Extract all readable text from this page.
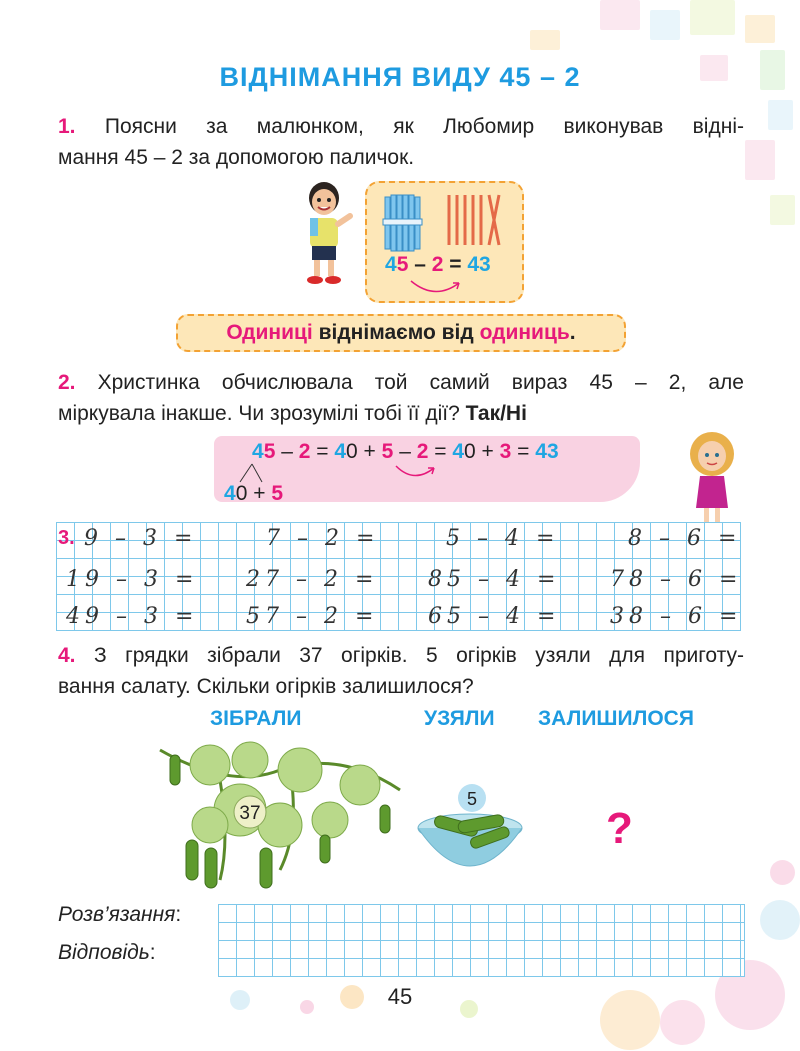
ВІДНІМАННЯ ВИДУ 45 – 2
1. Поясни за малюнком, як Любомир виконував відні-
мання 45 – 2 за допомогою паличок.
45 – 2 = 43
Одиниці віднімаємо від одиниць.
2. Христинка обчислювала той самий вираз 45 – 2, але
міркувала інакше. Чи зрозумілі тобі її дії? Так/Ні
45 – 2 = 40 + 5 – 2 = 40 + 3 = 43
40 + 5
3. 9 – 3 =	7 – 2 =	5 – 4 =	8 – 6 =
19 – 3 = 27 – 2 = 85 – 4 = 78 – 6 =
49 – 3 = 57 – 2 = 65 – 4 = 38 – 6 =
4. З грядки зібрали 37 огірків. 5 огірків узяли для приготу-
вання салату. Скільки огірків залишилося?
ЗІБРАЛИ	УЗЯЛИ ЗАЛИШИЛОСЯ
37
5
?
Розв’язання:
Відповідь:
45
